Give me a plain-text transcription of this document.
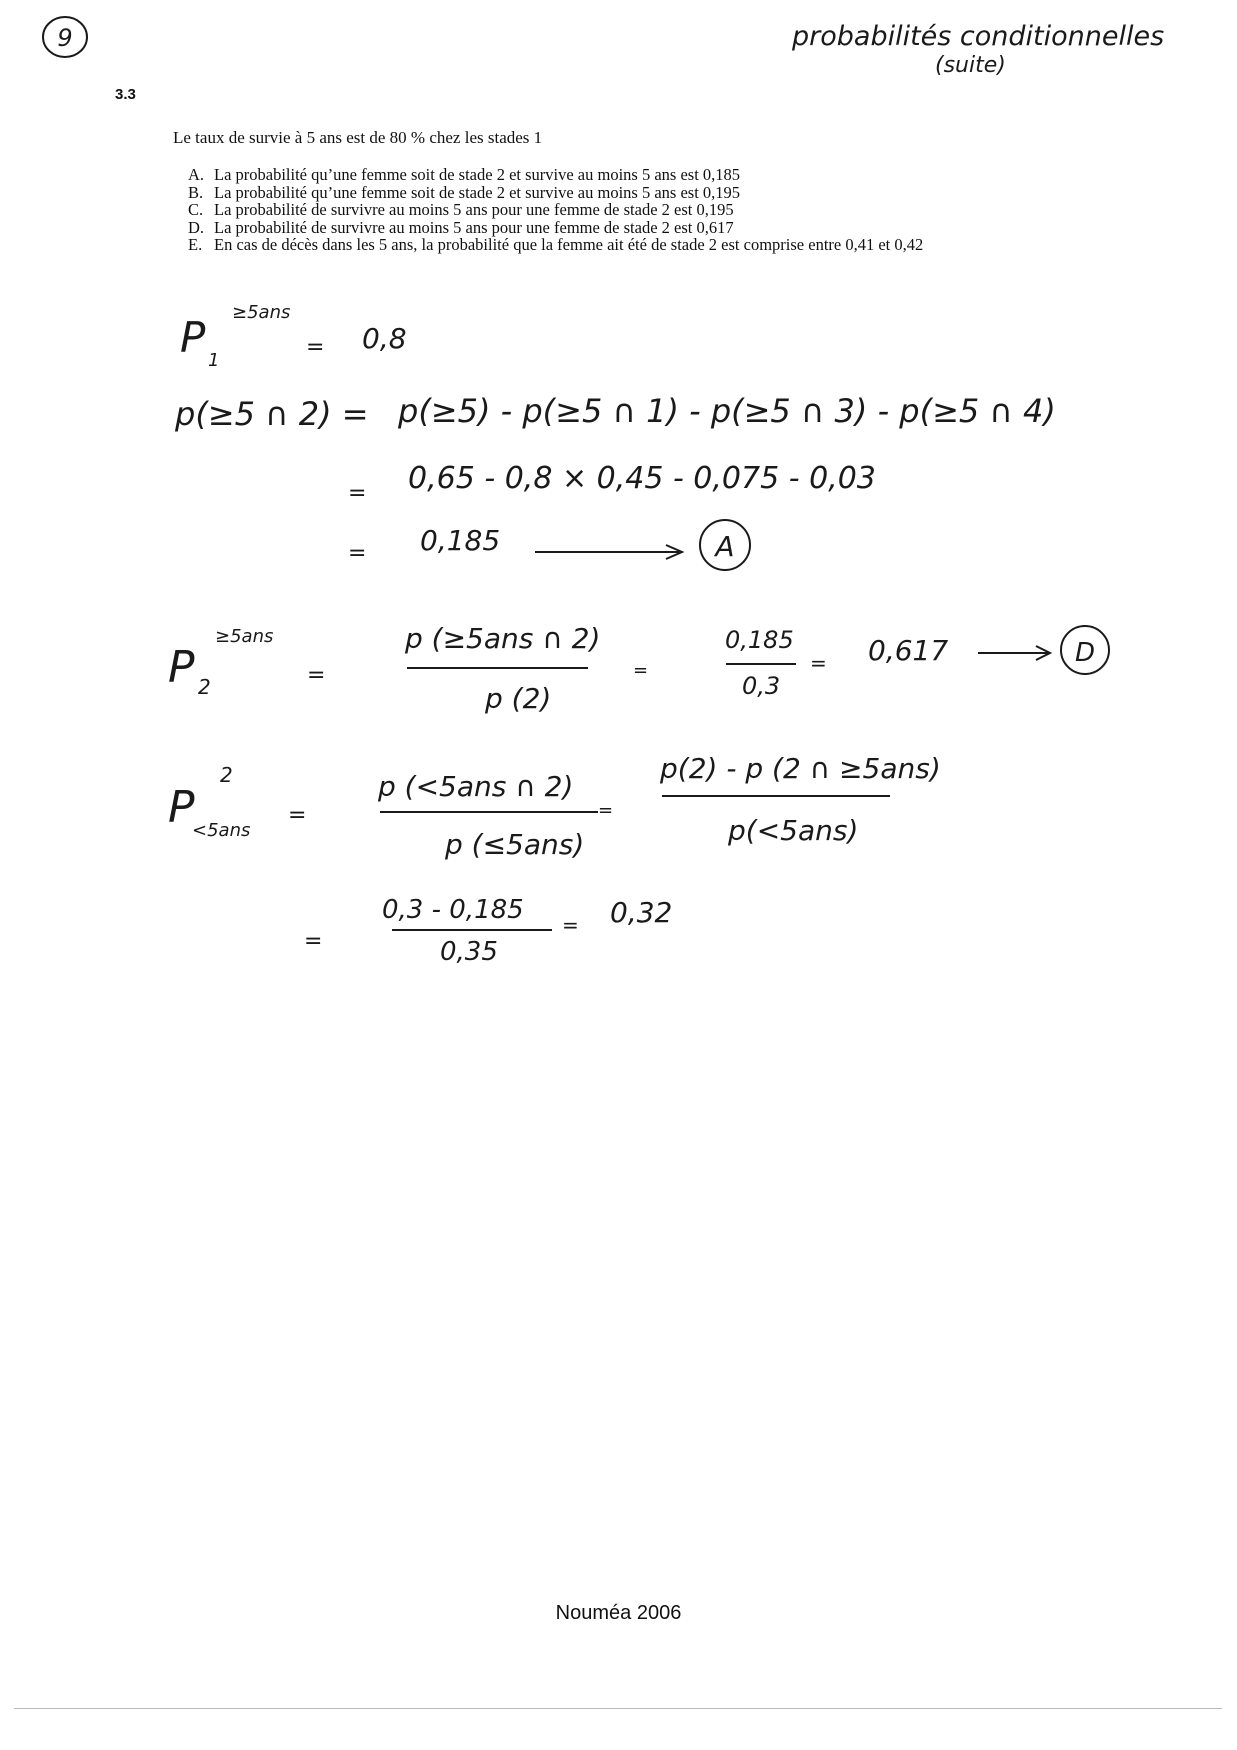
3.3
Le taux de survie à 5 ans est de 80 % chez les stades 1
A. La probabilité qu’une femme soit de stade 2 et survive au moins 5 ans est 0,185
B. La probabilité qu’une femme soit de stade 2 et survive au moins 5 ans est 0,195
C. La probabilité de survivre au moins 5 ans pour une femme de stade 2 est 0,195
D. La probabilité de survivre au moins 5 ans pour une femme de stade 2 est 0,617
E. En cas de décès dans les 5 ans, la probabilité que la femme ait été de stade 2 est comprise entre 0,41 et 0,42
9	probabilités conditionnelles
(suite)
P 1
≥5ans
= 0,8
p(≥5 ∩ 2) = p(≥5) - p(≥5 ∩ 1) - p(≥5 ∩ 3) - p(≥5 ∩ 4)
= 0,65 - 0,8 × 0,45 - 0,075 - 0,03
= 0,185	A
P 2
≥5ans
=
p (≥5ans ∩ 2)
p (2)
=
0,185
0,3
= 0,617	D
P
<5ans
2
=
p (<5ans ∩ 2)
p (≤5ans)
=
p(2) - p (2 ∩ ≥5ans)
p(<5ans)
=
0,3 - 0,185
0,35
= 0,32
Nouméa 2006
